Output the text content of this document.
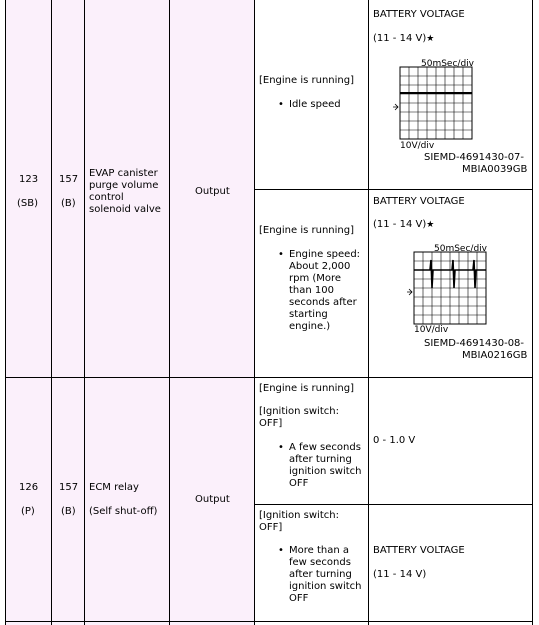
123
(SB)
157
(B)
EVAP canister
purge volume
control
solenoid valve
Output
[Engine is running]
• Idle speed
BATTERY VOLTAGE
(11 - 14 V)★
50mSec/div
10V/div
SIEMD-4691430-07-
MBIA0039GB
[Engine is running]
• Engine speed:
About 2,000
rpm (More
than 100
seconds after
starting
engine.)
BATTERY VOLTAGE
(11 - 14 V)★
50mSec/div
10V/div
SIEMD-4691430-08-
MBIA0216GB
126
(P)
157
(B)
ECM relay
(Self shut-off)
Output
[Engine is running]
[Ignition switch:
OFF]
• A few seconds
after turning
ignition switch
OFF
0 - 1.0 V
[Ignition switch:
OFF]
• More than a
few seconds
after turning
ignition switch
OFF
BATTERY VOLTAGE
(11 - 14 V)
